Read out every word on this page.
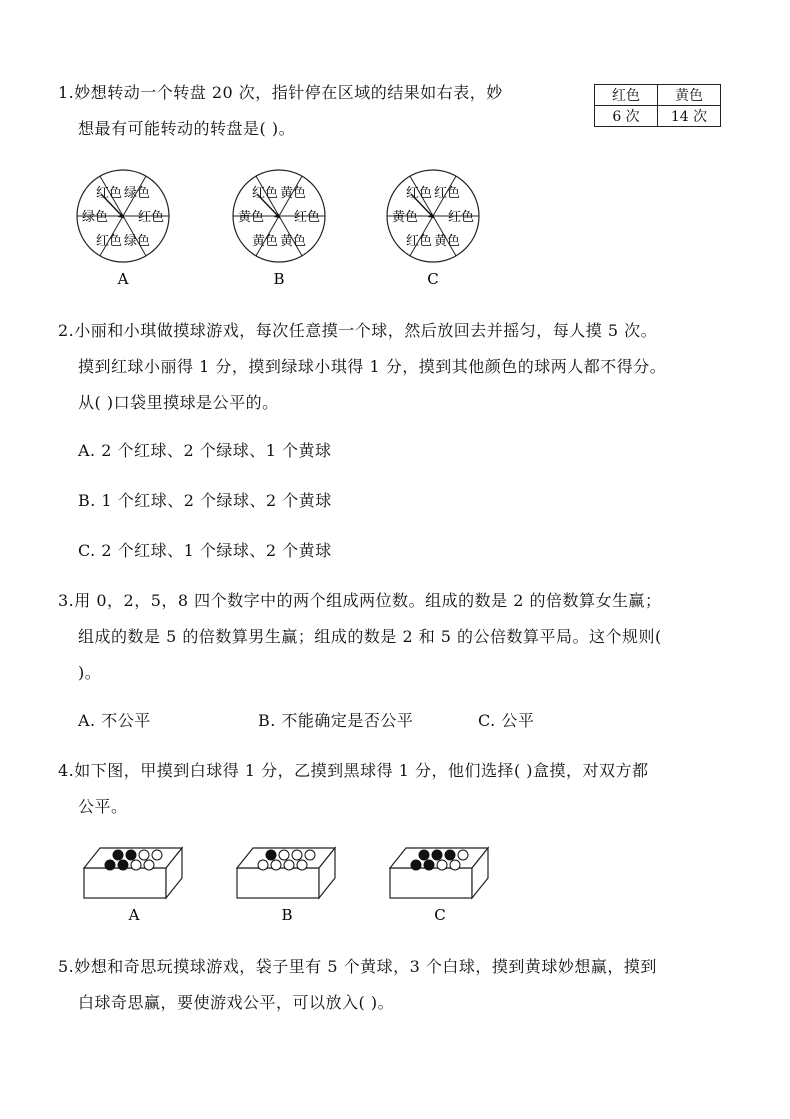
1.妙想转动一个转盘 20 次，指针停在区域的结果如右表，妙
想最有可能转动的转盘是( )。
红色	黄色
6 次	14 次
绿色
红色
绿色
红色
绿色
红色
A
黄色
红色
黄色
黄色
黄色
红色
B
红色
红色
黄色
红色
黄色
红色
C
2.小丽和小琪做摸球游戏，每次任意摸一个球，然后放回去并摇匀，每人摸 5 次。
摸到红球小丽得 1 分，摸到绿球小琪得 1 分，摸到其他颜色的球两人都不得分。
从( )口袋里摸球是公平的。
A. 2 个红球、2 个绿球、1 个黄球
B. 1 个红球、2 个绿球、2 个黄球
C. 2 个红球、1 个绿球、2 个黄球
3.用 0，2，5，8 四个数字中的两个组成两位数。组成的数是 2 的倍数算女生赢；
组成的数是 5 的倍数算男生赢；组成的数是 2 和 5 的公倍数算平局。这个规则(
)。
A. 不公平	B. 不能确定是否公平	C. 公平
4.如下图，甲摸到白球得 1 分，乙摸到黑球得 1 分，他们选择( )盒摸，对双方都
公平。
A	B	C
5.妙想和奇思玩摸球游戏，袋子里有 5 个黄球，3 个白球，摸到黄球妙想赢，摸到
白球奇思赢，要使游戏公平，可以放入( )。
